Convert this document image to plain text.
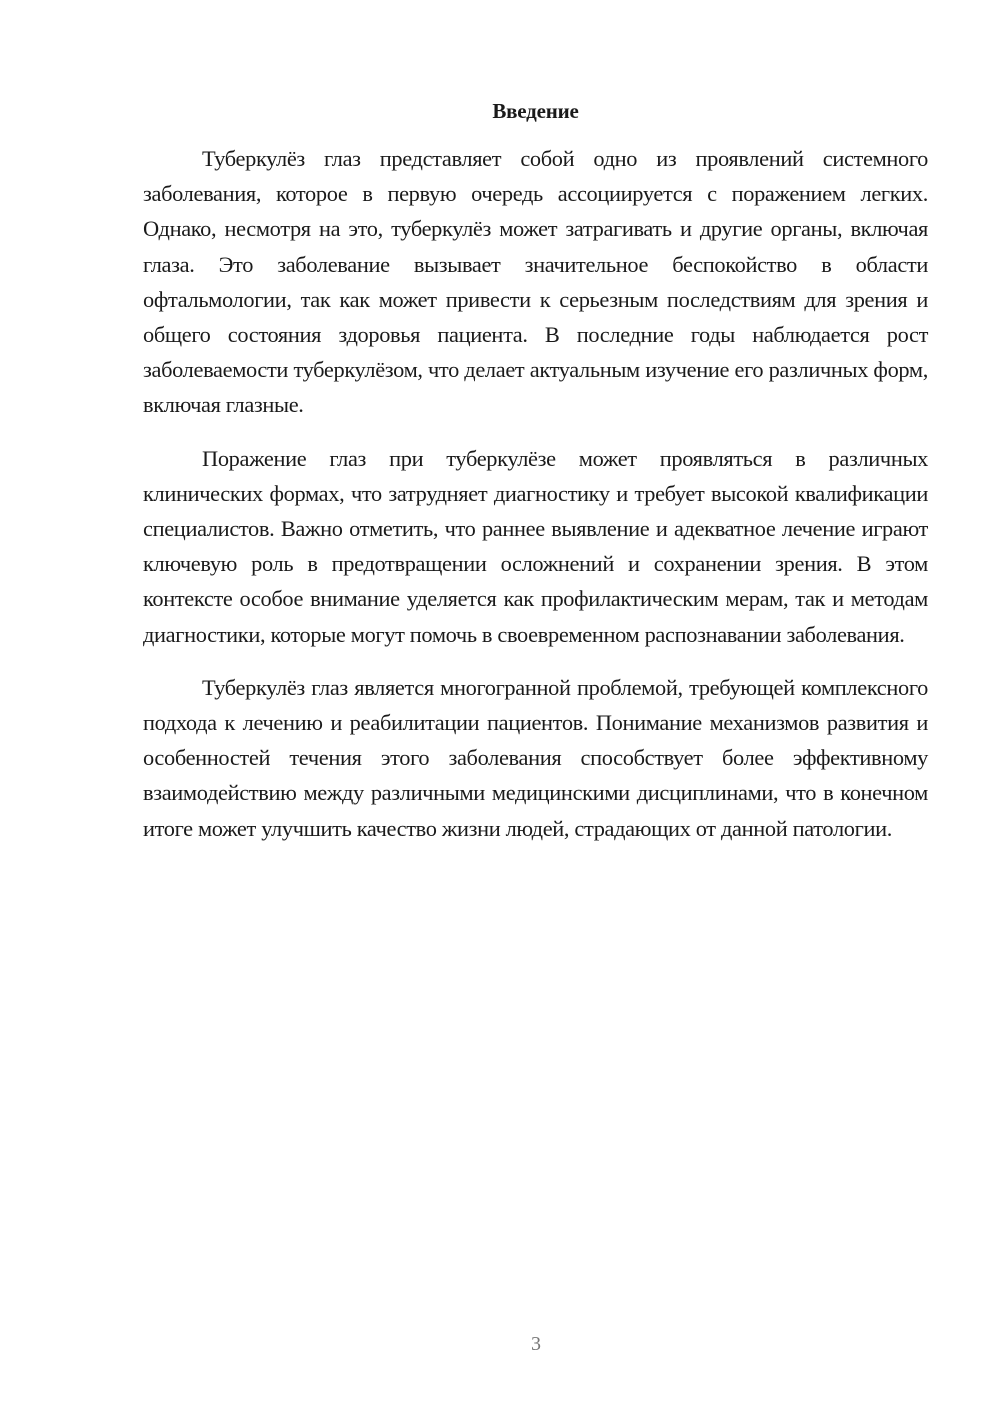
Введение

Туберкулёз глаз представляет собой одно из проявлений системного заболевания, которое в первую очередь ассоциируется с поражением легких. Однако, несмотря на это, туберкулёз может затрагивать и другие органы, включая глаза. Это заболевание вызывает значительное беспокойство в области офтальмологии, так как может привести к серьезным последствиям для зрения и общего состояния здоровья пациента. В последние годы наблюдается рост заболеваемости туберкулёзом, что делает актуальным изучение его различных форм, включая глазные.

Поражение глаз при туберкулёзе может проявляться в различных клинических формах, что затрудняет диагностику и требует высокой квалификации специалистов. Важно отметить, что раннее выявление и адекватное лечение играют ключевую роль в предотвращении осложнений и сохранении зрения. В этом контексте особое внимание уделяется как профилактическим мерам, так и методам диагностики, которые могут помочь в своевременном распознавании заболевания.

Туберкулёз глаз является многогранной проблемой, требующей комплексного подхода к лечению и реабилитации пациентов. Понимание механизмов развития и особенностей течения этого заболевания способствует более эффективному взаимодействию между различными медицинскими дисциплинами, что в конечном итоге может улучшить качество жизни людей, страдающих от данной патологии.

3
